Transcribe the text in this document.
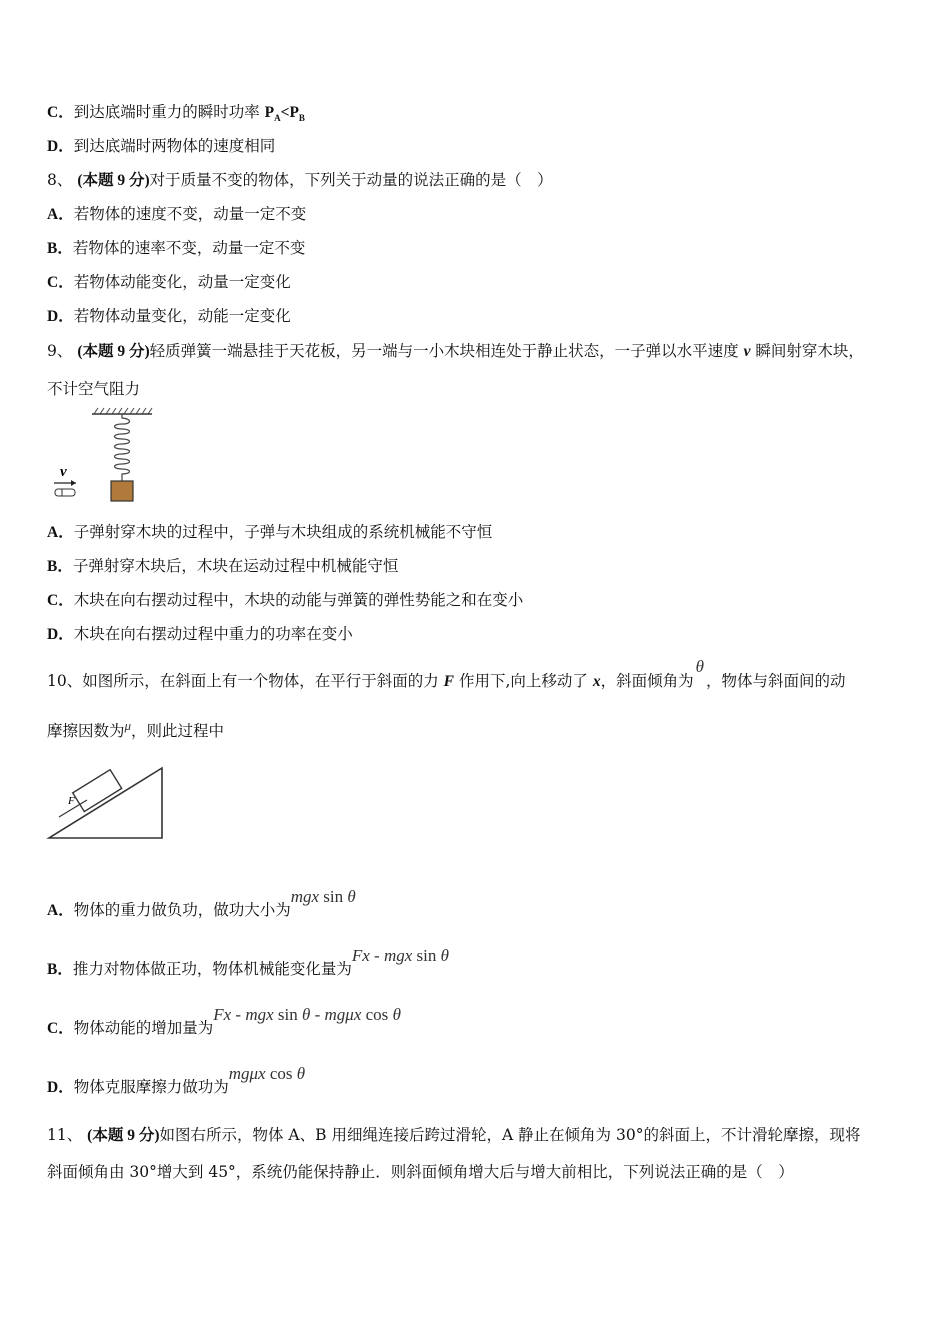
C．到达底端时重力的瞬时功率 $P_A<P_B$
D．到达底端时两物体的速度相同
8、 (本题 9 分)对于质量不变的物体，下列关于动量的说法正确的是（　）
A．若物体的速度不变，动量一定不变
B．若物体的速率不变，动量一定不变
C．若物体动能变化，动量一定变化
D．若物体动量变化，动能一定变化
9、 (本题 9 分)轻质弹簧一端悬挂于天花板，另一端与一小木块相连处于静止状态，一子弹以水平速度 v 瞬间射穿木块，
不计空气阻力
v
A．子弹射穿木块的过程中，子弹与木块组成的系统机械能不守恒
B．子弹射穿木块后，木块在运动过程中机械能守恒
C．木块在向右摆动过程中，木块的动能与弹簧的弹性势能之和在变小
D．木块在向右摆动过程中重力的功率在变小
10、如图所示，在斜面上有一个物体，在平行于斜面的力 F 作用下,向上移动了 x，斜面倾角为θ，物体与斜面间的动
摩擦因数为$^\mu$，则此过程中
F
A．物体的重力做负功，做功大小为mgx sin θ
B．推力对物体做正功，物体机械能变化量为Fx - mgx sin θ
C．物体动能的增加量为Fx - mgx sin θ - mgμx cos θ
D．物体克服摩擦力做功为mgμx cos θ
11、 (本题 9 分)如图右所示，物体 A、B 用细绳连接后跨过滑轮，A 静止在倾角为 30°的斜面上，不计滑轮摩擦，现将
斜面倾角由 30°增大到 45°，系统仍能保持静止．则斜面倾角增大后与增大前相比，下列说法正确的是（　）
